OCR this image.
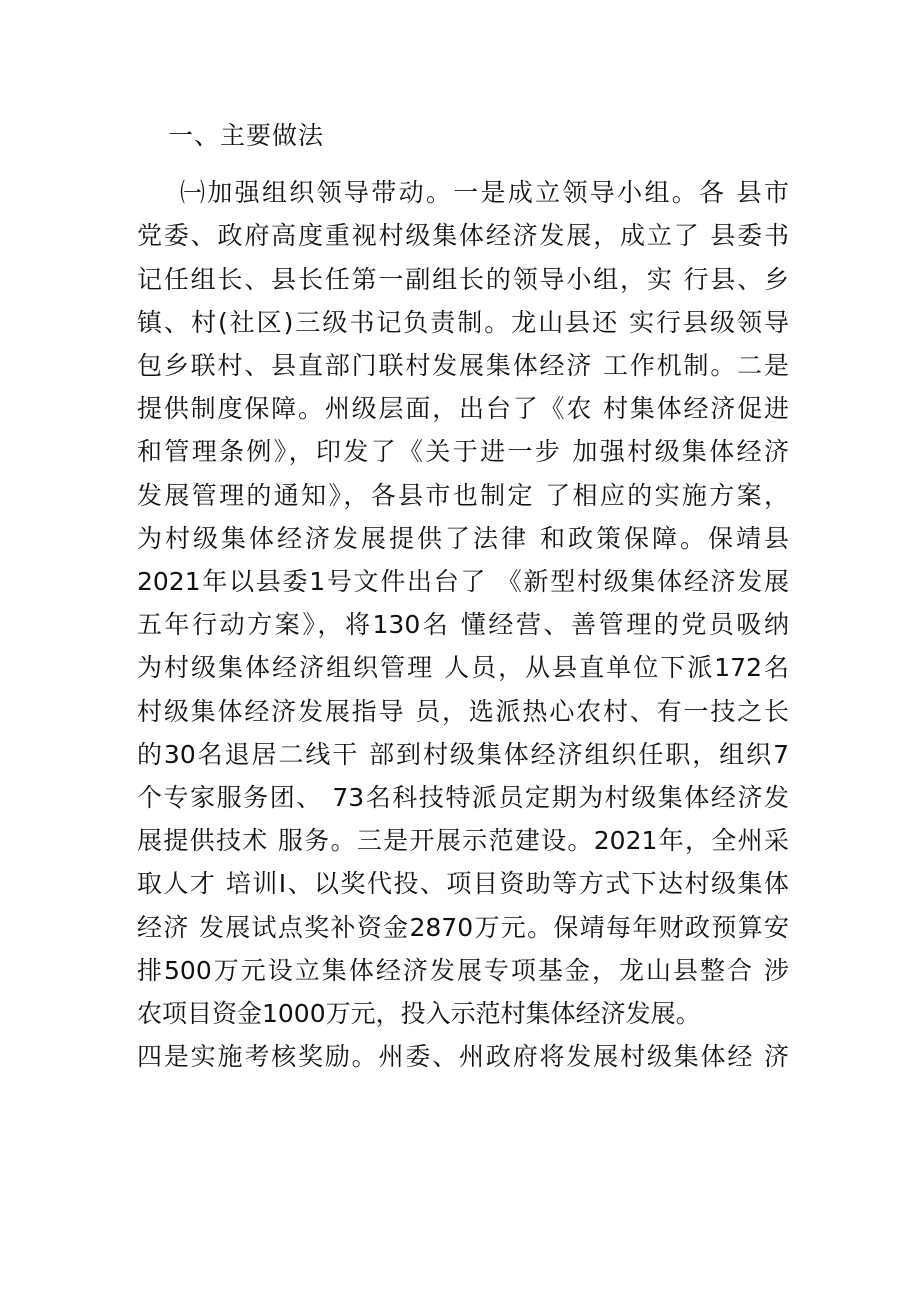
一、主要做法
㈠加强组织领导带动。一是成立领导小组。各 县市
党委、政府高度重视村级集体经济发展，成立了 县委书
记任组长、县长任第一副组长的领导小组，实 行县、乡
镇、村(社区)三级书记负责制。龙山县还 实行县级领导
包乡联村、县直部门联村发展集体经济 工作机制。二是
提供制度保障。州级层面，出台了《农 村集体经济促进
和管理条例》，印发了《关于进一步 加强村级集体经济
发展管理的通知》，各县市也制定 了相应的实施方案，
为村级集体经济发展提供了法律 和政策保障。保靖县
2021年以县委1号文件出台了 《新型村级集体经济发展
五年行动方案》，将130名 懂经营、善管理的党员吸纳
为村级集体经济组织管理 人员，从县直单位下派172名
村级集体经济发展指导 员，选派热心农村、有一技之长
的30名退居二线干 部到村级集体经济组织任职，组织7
个专家服务团、 73名科技特派员定期为村级集体经济发
展提供技术 服务。三是开展示范建设。2021年，全州采
取人才 培训I、以奖代投、项目资助等方式下达村级集体
经济 发展试点奖补资金2870万元。保靖每年财政预算安
排500万元设立集体经济发展专项基金，龙山县整合 涉
农项目资金1000万元，投入示范村集体经济发展。
四是实施考核奖励。州委、州政府将发展村级集体经 济
